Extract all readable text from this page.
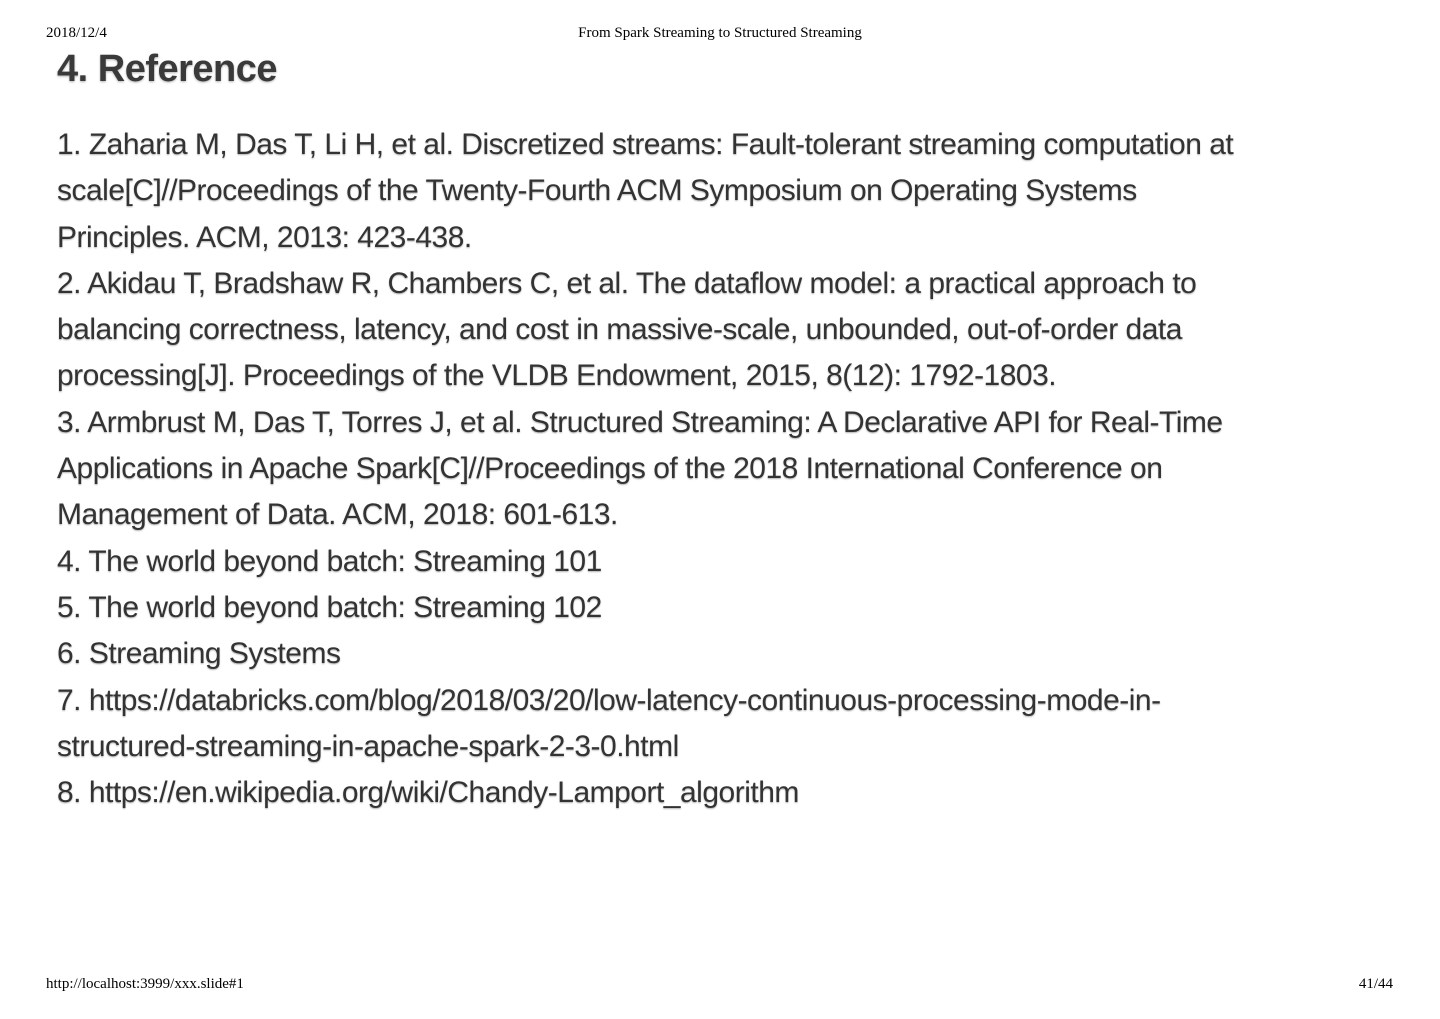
2018/12/4	From Spark Streaming to Structured Streaming
4. Reference
1. Zaharia M, Das T, Li H, et al. Discretized streams: Fault-tolerant streaming computation at
scale[C]//Proceedings of the Twenty-Fourth ACM Symposium on Operating Systems
Principles. ACM, 2013: 423-438.
2. Akidau T, Bradshaw R, Chambers C, et al. The dataflow model: a practical approach to
balancing correctness, latency, and cost in massive-scale, unbounded, out-of-order data
processing[J]. Proceedings of the VLDB Endowment, 2015, 8(12): 1792-1803.
3. Armbrust M, Das T, Torres J, et al. Structured Streaming: A Declarative API for Real-Time
Applications in Apache Spark[C]//Proceedings of the 2018 International Conference on
Management of Data. ACM, 2018: 601-613.
4. The world beyond batch: Streaming 101
5. The world beyond batch: Streaming 102
6. Streaming Systems
7. https://databricks.com/blog/2018/03/20/low-latency-continuous-processing-mode-in-
structured-streaming-in-apache-spark-2-3-0.html
8. https://en.wikipedia.org/wiki/Chandy-Lamport_algorithm
http://localhost:3999/xxx.slide#1	41/44
